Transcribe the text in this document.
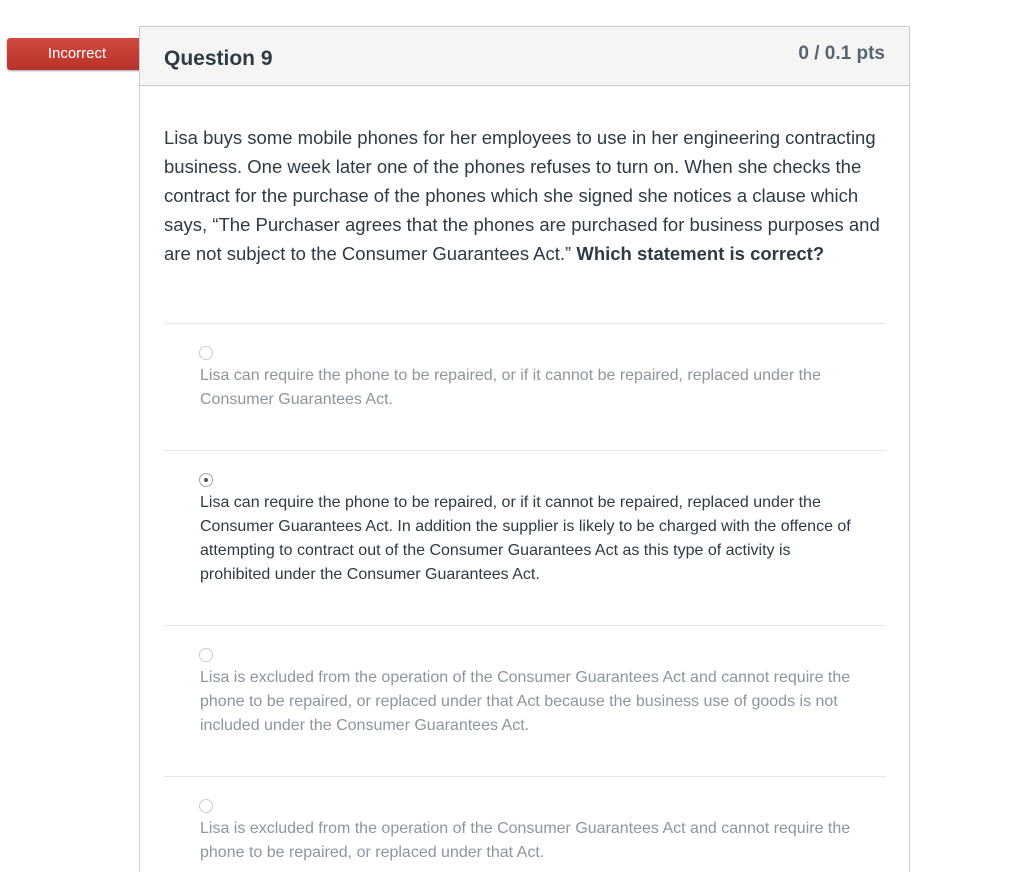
Incorrect	Question 9	0 / 0.1 pts
Lisa buys some mobile phones for her employees to use in her engineering contracting business. One week later one of the phones refuses to turn on. When she checks the contract for the purchase of the phones which she signed she notices a clause which says, “The Purchaser agrees that the phones are purchased for business purposes and are not subject to the Consumer Guarantees Act.” Which statement is correct?
Lisa can require the phone to be repaired, or if it cannot be repaired, replaced under the Consumer Guarantees Act.
Lisa can require the phone to be repaired, or if it cannot be repaired, replaced under the Consumer Guarantees Act. In addition the supplier is likely to be charged with the offence of attempting to contract out of the Consumer Guarantees Act as this type of activity is prohibited under the Consumer Guarantees Act.
Lisa is excluded from the operation of the Consumer Guarantees Act and cannot require the phone to be repaired, or replaced under that Act because the business use of goods is not included under the Consumer Guarantees Act.
Lisa is excluded from the operation of the Consumer Guarantees Act and cannot require the phone to be repaired, or replaced under that Act.
